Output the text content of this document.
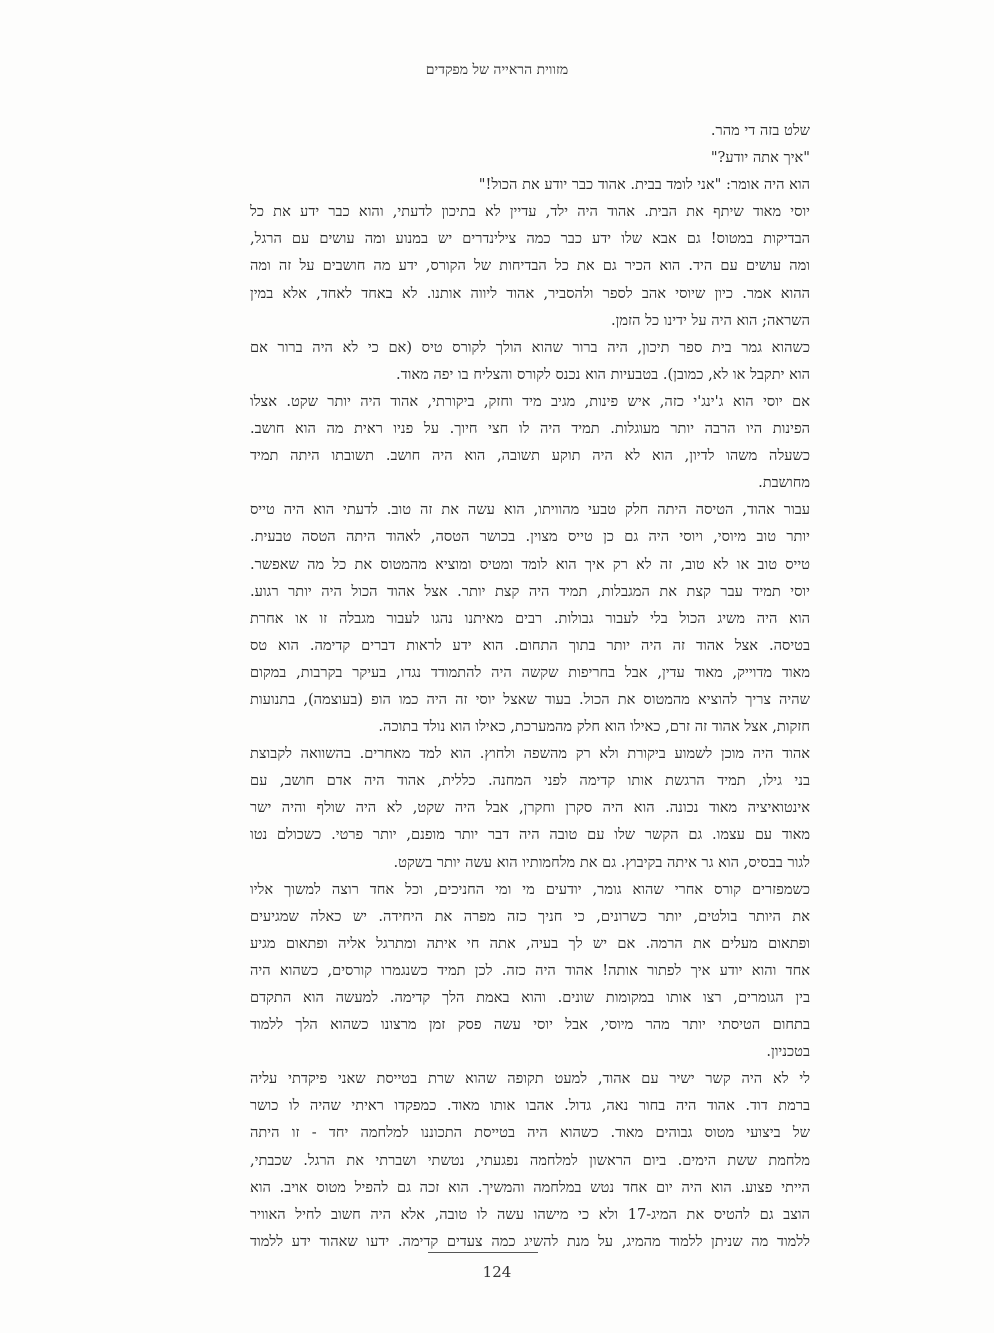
מזווית הראייה של מפקדים
שלט בזה די מהר.
"איך אתה יודע?"
הוא היה אומר: "אני לומד בבית. אהוד כבר יודע את הכול!"
יוסי מאוד שיתף את הבית. אהוד היה ילד, עדיין לא בתיכון לדעתי, והוא כבר ידע את כל
הבדיקות במטוס! גם אבא שלו ידע כבר כמה צילינדרים יש במנוע ומה עושים עם הרגל,
ומה עושים עם היד. הוא הכיר גם את כל הבדיחות של הקורס, ידע מה חושבים על זה ומה
ההוא אמר. כיון שיוסי אהב לספר ולהסביר, אהוד ליווה אותנו. לא באחד לאחד, אלא במין
השראה; הוא היה על ידינו כל הזמן.
כשהוא גמר בית ספר תיכון, היה ברור שהוא הולך לקורס טיס (אם כי לא היה ברור אם
הוא יתקבל או לא, כמובן). בטבעיות הוא נכנס לקורס והצליח בו יפה מאוד.
אם יוסי הוא ג'ינג'י כזה, איש פינות, מגיב מיד וחזק, ביקורתי, אהוד היה יותר שקט. אצלו
הפינות היו הרבה יותר מעוגלות. תמיד היה לו חצי חיוך. על פניו ראית מה הוא חושב.
כשעלה משהו לדיון, הוא לא היה תוקע תשובה, הוא היה חושב. תשובתו היתה תמיד
מחושבת.
עבור אהוד, הטיסה היתה חלק טבעי מהוויתו, הוא עשה את זה טוב. לדעתי הוא היה טייס
יותר טוב מיוסי, ויוסי היה גם כן טייס מצוין. בכושר הטסה, לאהוד היתה הטסה טבעית.
טייס טוב או לא טוב, זה לא רק איך הוא לומד ומטיס ומוציא מהמטוס את כל מה שאפשר.
יוסי תמיד עבר קצת את המגבלות, תמיד היה קצת יותר. אצל אהוד הכול היה יותר רגוע.
הוא היה משיג הכול בלי לעבור גבולות. רבים מאיתנו נהגו לעבור מגבלה זו או אחרת
בטיסה. אצל אהוד זה היה יותר בתוך התחום. הוא ידע לראות דברים קדימה. הוא טס
מאוד מדוייק, מאוד עדין, אבל בחריפות שקשה היה להתמודד נגדו, בעיקר בקרבות, במקום
שהיה צריך להוציא מהמטוס את הכול. בעוד שאצל יוסי זה היה כמו הופ (בעוצמה), בתנועות
חזקות, אצל אהוד זה זרם, כאילו הוא חלק מהמערכת, כאילו הוא נולד בתוכה.
אהוד היה מוכן לשמוע ביקורת ולא רק מהשפה ולחוץ. הוא למד מאחרים. בהשוואה לקבוצת
בני גילו, תמיד הרגשת אותו קדימה לפני המחנה. כללית, אהוד היה אדם חושב, עם
אינטואיציה מאוד נכונה. הוא היה סקרן וחקרן, אבל היה שקט, לא היה שולף והיה ישר
מאוד עם עצמו. גם הקשר שלו עם טובה היה דבר יותר מופנם, יותר פרטי. כשכולם נטו
לגור בבסיס, הוא גר איתה בקיבוץ. גם את מלחמותיו הוא עשה יותר בשקט.
כשמפזרים קורס אחרי שהוא גומר, יודעים מי ומי החניכים, וכל אחד רוצה למשוך אליו
את היותר בולטים, יותר כשרונים, כי חניך כזה מפרה את היחידה. יש כאלה שמגיעים
ופתאום מעלים את הרמה. אם יש לך בעיה, אתה חי איתה ומתרגל אליה ופתאום מגיע
אחד והוא יודע איך לפתור אותה! אהוד היה כזה. לכן תמיד כשנגמרו קורסים, כשהוא היה
בין הגומרים, רצו אותו במקומות שונים. והוא באמת הלך קדימה. למעשה הוא התקדם
בתחום הטיסתי יותר מהר מיוסי, אבל יוסי עשה פסק זמן מרצונו כשהוא הלך ללמוד
בטכניון.
לי לא היה קשר ישיר עם אהוד, למעט תקופה שהוא שרת בטייסת שאני פיקדתי עליה
ברמת דוד. אהוד היה בחור נאה, גדול. אהבו אותו מאוד. כמפקדו ראיתי שהיה לו כושר
של ביצועי מטוס גבוהים מאוד. כשהוא היה בטייסת התכוננו למלחמה יחד - זו היתה
מלחמת ששת הימים. ביום הראשון למלחמה נפגעתי, נטשתי ושברתי את הרגל. שכבתי,
הייתי פצוע. הוא היה יום אחד נטש במלחמה והמשיך. הוא זכה גם להפיל מטוס אויב. הוא
הוצב גם להטיס את המיג-17 ולא כי מישהו עשה לו טובה, אלא היה חשוב לחיל האוויר
ללמוד מה שניתן ללמוד מהמיג, על מנת להשיג כמה צעדים קדימה. ידעו שאהוד ידע ללמוד
124
